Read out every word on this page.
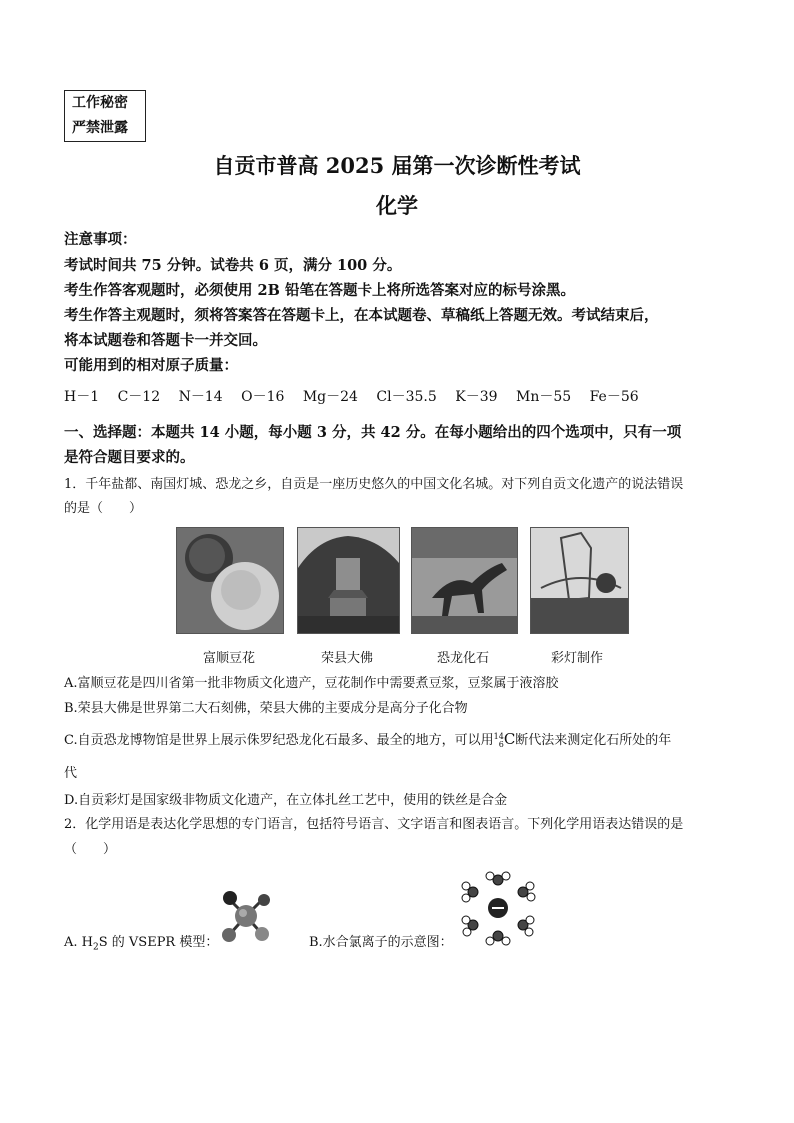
工作秘密
严禁泄露
自贡市普高 2025 届第一次诊断性考试
化学
注意事项：
考试时间共 75 分钟。试卷共 6 页，满分 100 分。
考生作答客观题时，必须使用 2B 铅笔在答题卡上将所选答案对应的标号涂黑。
考生作答主观题时，须将答案答在答题卡上，在本试题卷、草稿纸上答题无效。考试结束后，
将本试题卷和答题卡一并交回。
可能用到的相对原子质量：
H－1 C－12 N－14 O－16 Mg－24 Cl－35.5 K－39 Mn－55 Fe－56
一、选择题：本题共 14 小题，每小题 3 分，共 42 分。在每小题给出的四个选项中，只有一项
是符合题目要求的。
1．千年盐都、南国灯城、恐龙之乡，自贡是一座历史悠久的中国文化名城。对下列自贡文化遗产的说法错误
的是（　　）
富顺豆花	荣县大佛	恐龙化石	彩灯制作
A.富顺豆花是四川省第一批非物质文化遗产，豆花制作中需要煮豆浆，豆浆属于液溶胶
B.荣县大佛是世界第二大石刻佛，荣县大佛的主要成分是高分子化合物
C.自贡恐龙博物馆是世界上展示侏罗纪恐龙化石最多、最全的地方，可以用 14
6 C断代法来测定化石所处的年
代
D.自贡彩灯是国家级非物质文化遗产，在立体扎丝工艺中，使用的铁丝是合金
2．化学用语是表达化学思想的专门语言，包括符号语言、文字语言和图表语言。下列化学用语表达错误的是
（　　）
A. $H_2S$ 的 VSEPR 模型：	B.水合氯离子的示意图：
